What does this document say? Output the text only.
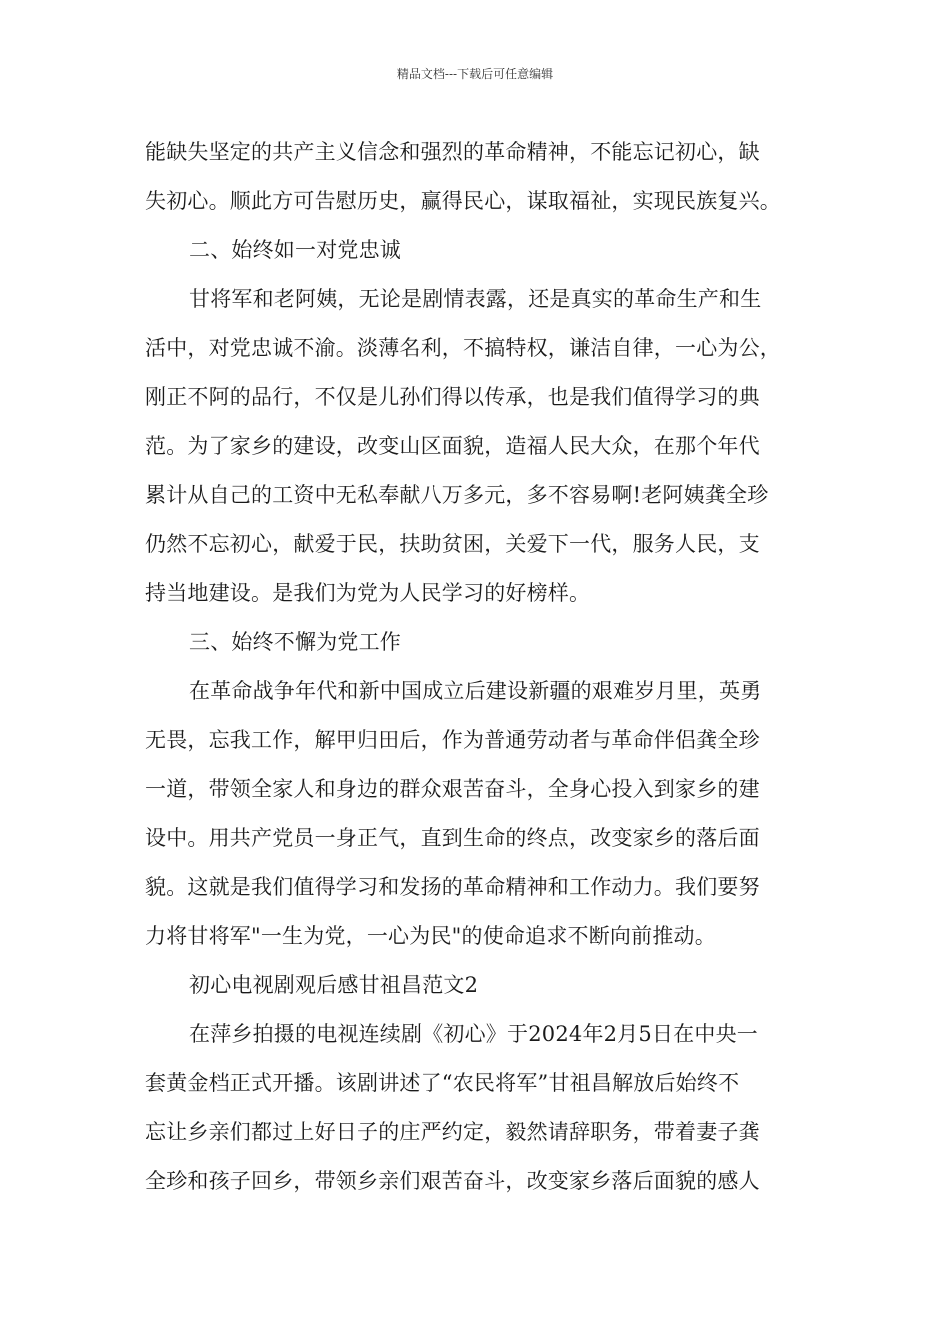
精品文档---下载后可任意编辑
能缺失坚定的共产主义信念和强烈的革命精神，不能忘记初心，缺
失初心。顺此方可告慰历史，赢得民心，谋取福祉，实现民族复兴。
二、始终如一对党忠诚
甘将军和老阿姨，无论是剧情表露，还是真实的革命生产和生
活中，对党忠诚不渝。淡薄名利，不搞特权，谦洁自律，一心为公，
刚正不阿的品行，不仅是儿孙们得以传承，也是我们值得学习的典
范。为了家乡的建设，改变山区面貌，造福人民大众，在那个年代
累计从自己的工资中无私奉献八万多元，多不容易啊!老阿姨龚全珍
仍然不忘初心，献爱于民，扶助贫困，关爱下一代，服务人民，支
持当地建设。是我们为党为人民学习的好榜样。
三、始终不懈为党工作
在革命战争年代和新中国成立后建设新疆的艰难岁月里，英勇
无畏，忘我工作，解甲归田后，作为普通劳动者与革命伴侣龚全珍
一道，带领全家人和身边的群众艰苦奋斗，全身心投入到家乡的建
设中。用共产党员一身正气，直到生命的终点，改变家乡的落后面
貌。这就是我们值得学习和发扬的革命精神和工作动力。我们要努
力将甘将军"一生为党，一心为民"的使命追求不断向前推动。
初心电视剧观后感甘祖昌范文2
在萍乡拍摄的电视连续剧《初心》于2024年2月5日在中央一
套黄金档正式开播。该剧讲述了“农民将军”甘祖昌解放后始终不
忘让乡亲们都过上好日子的庄严约定，毅然请辞职务，带着妻子龚
全珍和孩子回乡，带领乡亲们艰苦奋斗，改变家乡落后面貌的感人
